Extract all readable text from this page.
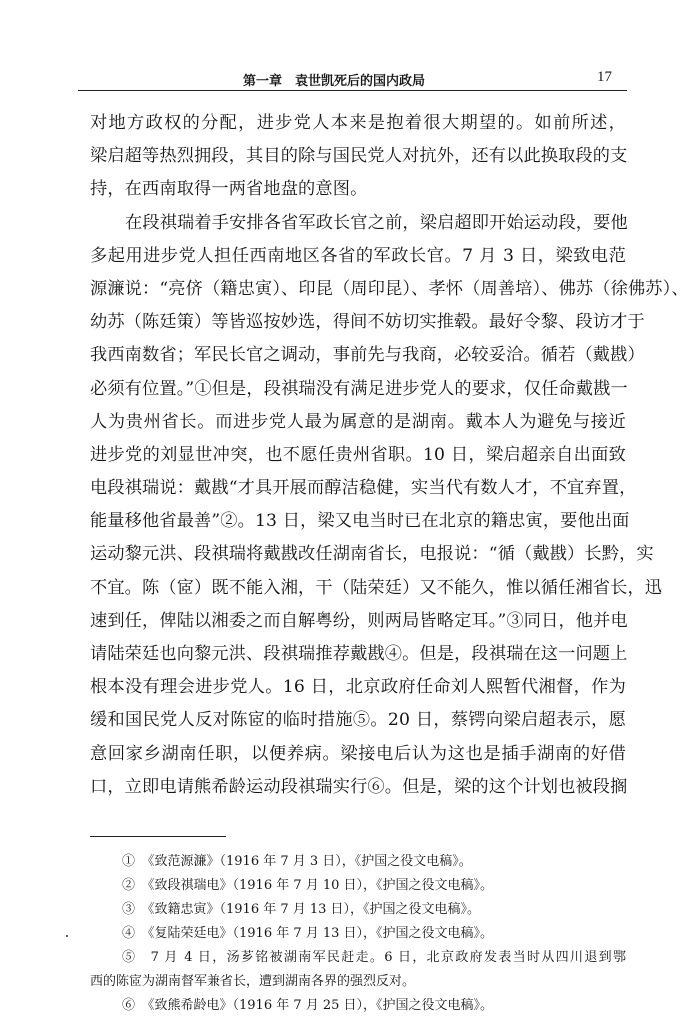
第一章　袁世凯死后的国内政局	17
对地方政权的分配，进步党人本来是抱着很大期望的。如前所述，
梁启超等热烈拥段，其目的除与国民党人对抗外，还有以此换取段的支
持，在西南取得一两省地盘的意图。
在段祺瑞着手安排各省军政长官之前，梁启超即开始运动段，要他
多起用进步党人担任西南地区各省的军政长官。7 月 3 日，梁致电范
源濂说：“亮侪（籍忠寅）、印昆（周印昆）、孝怀（周善培）、佛苏（徐佛苏）、
幼苏（陈廷策）等皆巡按妙选，得间不妨切实推毂。最好令黎、段访才于
我西南数省；军民长官之调动，事前先与我商，必较妥洽。循若（戴戡）
必须有位置。”①但是，段祺瑞没有满足进步党人的要求，仅任命戴戡一
人为贵州省长。而进步党人最为属意的是湖南。戴本人为避免与接近
进步党的刘显世冲突，也不愿任贵州省职。10 日，梁启超亲自出面致
电段祺瑞说：戴戡“才具开展而醇洁稳健，实当代有数人才，不宜弃置，
能量移他省最善”②。13 日，梁又电当时已在北京的籍忠寅，要他出面
运动黎元洪、段祺瑞将戴戡改任湖南省长，电报说：“循（戴戡）长黔，实
不宜。陈（宧）既不能入湘，干（陆荣廷）又不能久，惟以循任湘省长，迅
速到任，俾陆以湘委之而自解粤纷，则两局皆略定耳。”③同日，他并电
请陆荣廷也向黎元洪、段祺瑞推荐戴戡④。但是，段祺瑞在这一问题上
根本没有理会进步党人。16 日，北京政府任命刘人熙暂代湘督，作为
缓和国民党人反对陈宧的临时措施⑤。20 日，蔡锷向梁启超表示，愿
意回家乡湖南任职，以便养病。梁接电后认为这也是插手湖南的好借
口，立即电请熊希龄运动段祺瑞实行⑥。但是，梁的这个计划也被段搁
①　《致范源濂》（1916 年 7 月 3 日），《护国之役文电稿》。
②　《致段祺瑞电》（1916 年 7 月 10 日），《护国之役文电稿》。
③　《致籍忠寅》（1916 年 7 月 13 日），《护国之役文电稿》。
④　《复陆荣廷电》（1916 年 7 月 13 日），《护国之役文电稿》。
⑤　7 月 4 日，汤芗铭被湖南军民赶走。6 日，北京政府发表当时从四川退到鄂
西的陈宧为湖南督军兼省长，遭到湖南各界的强烈反对。
⑥　《致熊希龄电》（1916 年 7 月 25 日），《护国之役文电稿》。
